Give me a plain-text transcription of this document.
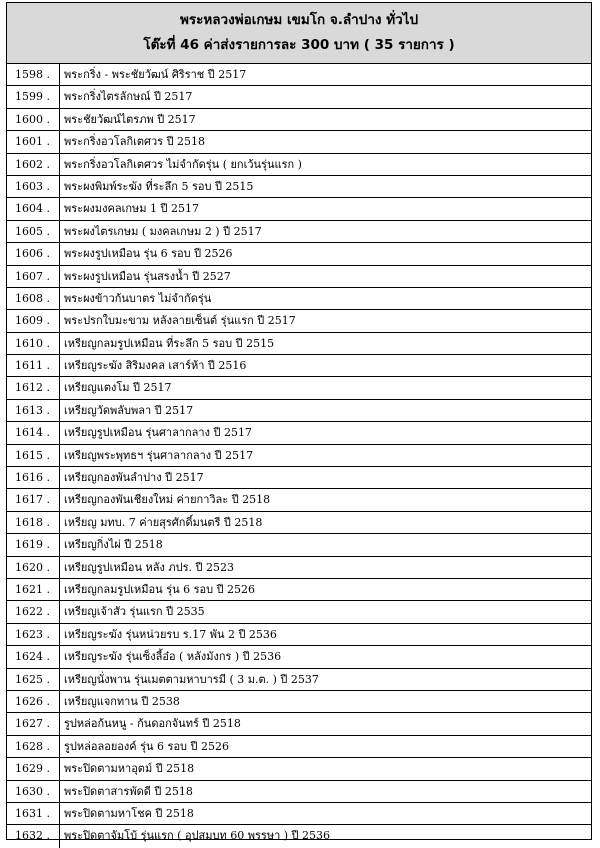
พระหลวงพ่อเกษม เขมโก จ.ลำปาง ทั่วไป
โต๊ะที่ 46 ค่าส่งรายการละ 300 บาท ( 35 รายการ )
1598 .	พระกริ่ง - พระชัยวัฒน์ ศิริราช ปี 2517
1599 .	พระกริ่งไตรลักษณ์ ปี 2517
1600 .	พระชัยวัฒน์ไตรภพ ปี 2517
1601 .	พระกริ่งอวโลกิเตศวร ปี 2518
1602 .	พระกริ่งอวโลกิเตศวร ไม่จำกัดรุ่น ( ยกเว้นรุ่นแรก )
1603 .	พระผงพิมพ์ระฆัง ที่ระลึก 5 รอบ ปี 2515
1604 .	พระผงมงคลเกษม 1 ปี 2517
1605 .	พระผงไตรเกษม ( มงคลเกษม 2 ) ปี 2517
1606 .	พระผงรูปเหมือน รุ่น 6 รอบ ปี 2526
1607 .	พระผงรูปเหมือน รุ่นสรงน้ำ ปี 2527
1608 .	พระผงข้าวก้นบาตร ไม่จำกัดรุ่น
1609 .	พระปรกใบมะขาม หลังลายเซ็นต์ รุ่นแรก ปี 2517
1610 .	เหรียญกลมรูปเหมือน ที่ระลึก 5 รอบ ปี 2515
1611 .	เหรียญระฆัง สิริมงคล เสาร์ห้า ปี 2516
1612 .	เหรียญแตงโม ปี 2517
1613 .	เหรียญวัดพลับพลา ปี 2517
1614 .	เหรียญรูปเหมือน รุ่นศาลากลาง ปี 2517
1615 .	เหรียญพระพุทธฯ รุ่นศาลากลาง ปี 2517
1616 .	เหรียญกองพันลำปาง ปี 2517
1617 .	เหรียญกองพันเชียงใหม่ ค่ายกาวิละ ปี 2518
1618 .	เหรียญ มทบ. 7 ค่ายสุรศักดิ์มนตรี ปี 2518
1619 .	เหรียญกิ่งไผ่ ปี 2518
1620 .	เหรียญรูปเหมือน หลัง ภปร. ปี 2523
1621 .	เหรียญกลมรูปเหมือน รุ่น 6 รอบ ปี 2526
1622 .	เหรียญเจ้าสัว รุ่นแรก ปี 2535
1623 .	เหรียญระฆัง รุ่นหน่วยรบ ร.17 พัน 2 ปี 2536
1624 .	เหรียญระฆัง รุ่นเซ็งลี้อ๋อ ( หลังมังกร ) ปี 2536
1625 .	เหรียญนั่งพาน รุ่นเมตตามหาบารมี ( 3 ม.ต. ) ปี 2537
1626 .	เหรียญแจกทาน ปี 2538
1627 .	รูปหล่อก้นหนู - ก้นดอกจันทร์ ปี 2518
1628 .	รูปหล่อลอยองค์ รุ่น 6 รอบ ปี 2526
1629 .	พระปิดตามหาอุตม์ ปี 2518
1630 .	พระปิดตาสารพัดดี ปี 2518
1631 .	พระปิดตามหาโชค ปี 2518
1632 .	พระปิดตาจัมโบ้ รุ่นแรก ( อุปสมบท 60 พรรษา ) ปี 2536
